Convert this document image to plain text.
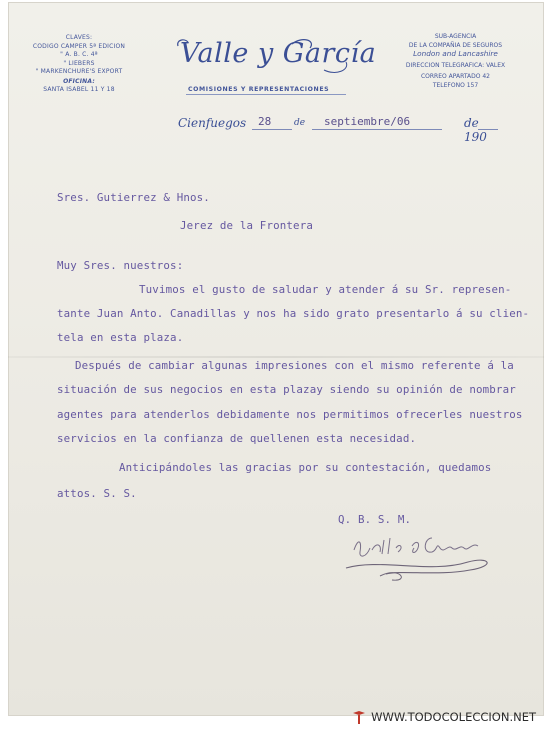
CLAVES:
CODIGO CAMPER 5ª EDICION
" A. B. C. 4ª
" LIEBERS
" MARKENCHURE'S EXPORT
OFICINA:
SANTA ISABEL 11 Y 18
Valle y García
COMISIONES Y REPRESENTACIONES
SUB-AGENCIA
DE LA COMPAÑIA DE SEGUROS
London and Lancashire
DIRECCION TELEGRAFICA: VALEX
CORREO APARTADO 42
TELEFONO 157
Cienfuegos 28	de septiembre/06	de 190
Sres. Gutierrez & Hnos.
Jerez de la Frontera
Muy Sres. nuestros:
Tuvimos el gusto de saludar y atender á su Sr. represen-
tante Juan Anto. Canadillas y nos ha sido grato presentarlo á su clien-
tela en esta plaza.
Después de cambiar algunas impresiones con el mismo referente á la
situación de sus negocios en esta plazay siendo su opinión de nombrar
agentes para atenderlos debidamente nos permitimos ofrecerles nuestros
servicios en la confianza de quellenen esta necesidad.
Anticipándoles las gracias por su contestación, quedamos
attos. S. S.
Q. B. S. M.
WWW.TODOCOLECCION.NET
